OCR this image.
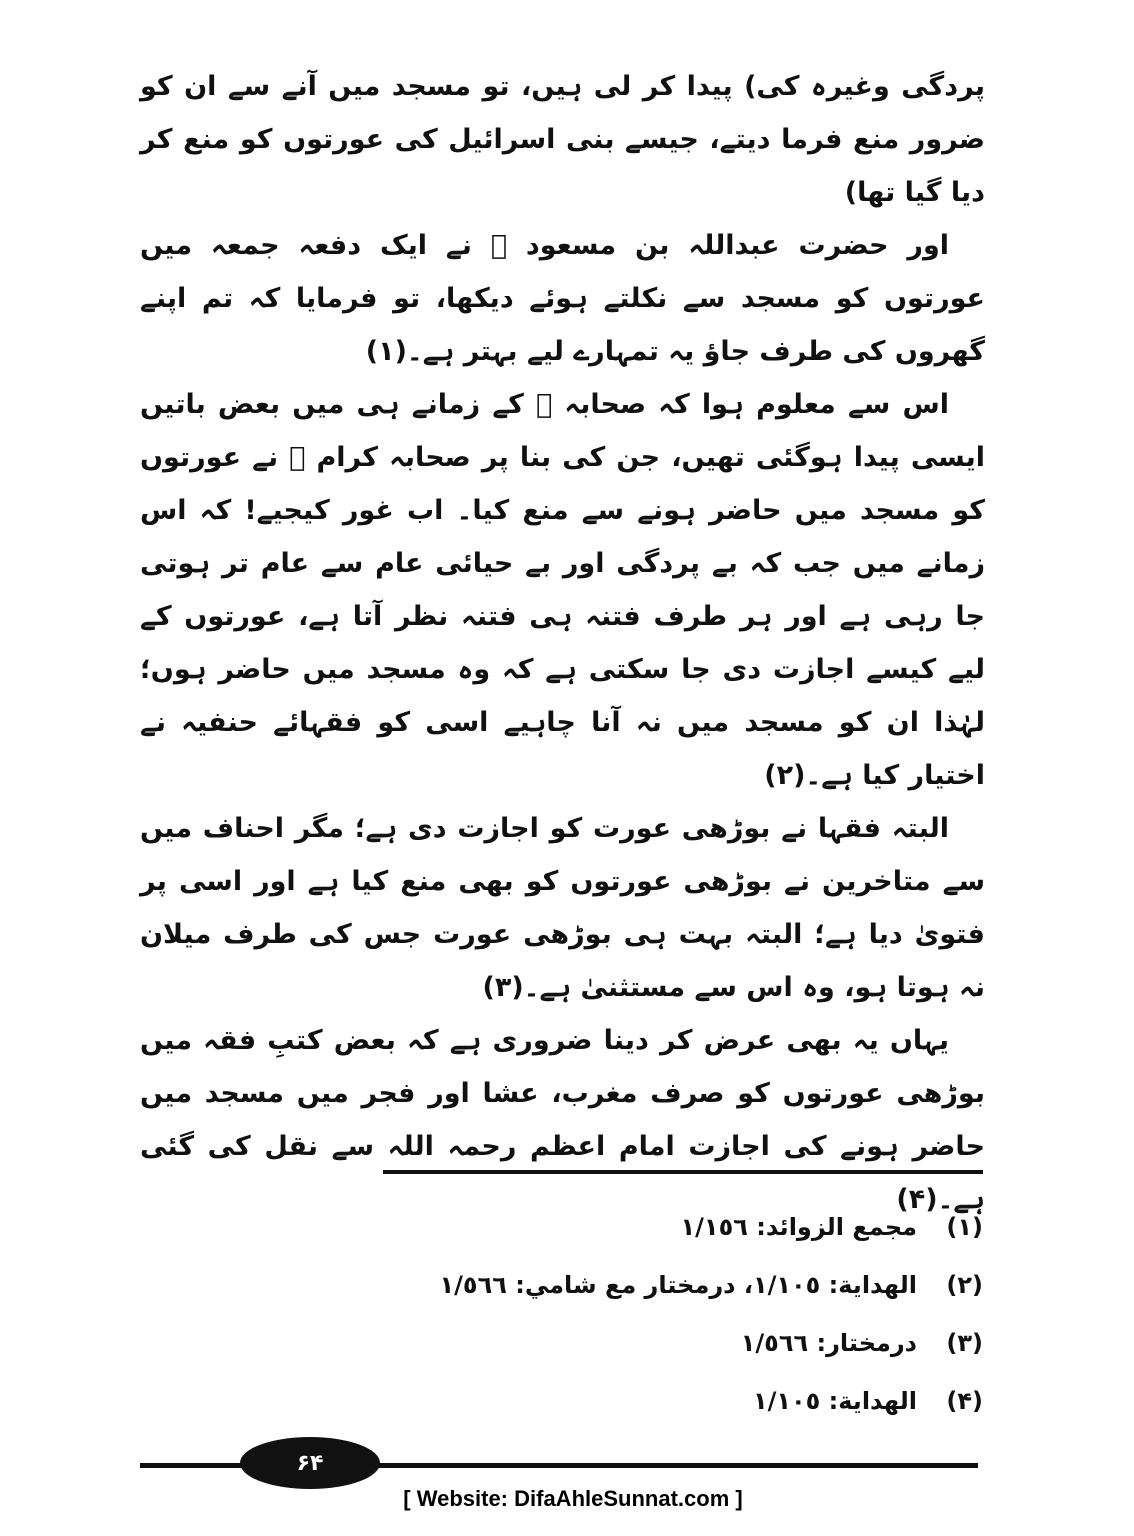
پردگی وغیرہ کی) پیدا کر لی ہیں، تو مسجد میں آنے سے ان کو ضرور منع فرما دیتے، جیسے بنی اسرائیل کی عورتوں کو منع کر دیا گیا تھا)

اور حضرت عبداللہ بن مسعود ﷛ نے ایک دفعہ جمعہ میں عورتوں کو مسجد سے نکلتے ہوئے دیکھا، تو فرمایا کہ تم اپنے گھروں کی طرف جاؤ یہ تمہارے لیے بہتر ہے۔(۱)

اس سے معلوم ہوا کہ صحابہ ﷢ کے زمانے ہی میں بعض باتیں ایسی پیدا ہوگئی تھیں، جن کی بنا پر صحابہ کرام ﷢ نے عورتوں کو مسجد میں حاضر ہونے سے منع کیا۔ اب غور کیجیے! کہ اس زمانے میں جب کہ بے پردگی اور بے حیائی عام سے عام تر ہوتی جا رہی ہے اور ہر طرف فتنہ ہی فتنہ نظر آتا ہے، عورتوں کے لیے کیسے اجازت دی جا سکتی ہے کہ وہ مسجد میں حاضر ہوں؛ لہٰذا ان کو مسجد میں نہ آنا چاہیے اسی کو فقہائے حنفیہ نے اختیار کیا ہے۔(۲)

البتہ فقہا نے بوڑھی عورت کو اجازت دی ہے؛ مگر احناف میں سے متاخرین نے بوڑھی عورتوں کو بھی منع کیا ہے اور اسی پر فتویٰ دیا ہے؛ البتہ بہت ہی بوڑھی عورت جس کی طرف میلان نہ ہوتا ہو، وہ اس سے مستثنیٰ ہے۔(۳)

یہاں یہ بھی عرض کر دینا ضروری ہے کہ بعض کتبِ فقہ میں بوڑھی عورتوں کو صرف مغرب، عشا اور فجر میں مسجد میں حاضر ہونے کی اجازت امام اعظم رحمہ اللہ سے نقل کی گئی ہے۔(۴)

(۱)
مجمع الزوائد: ١/١٥٦
(۲)
الهداية: ١/١٠٥، درمختار مع شامي: ١/٥٦٦
(۳)
درمختار: ١/٥٦٦
(۴)
الهداية: ١/١٠٥
۶۴
[ Website: DifaAhleSunnat.com ]
